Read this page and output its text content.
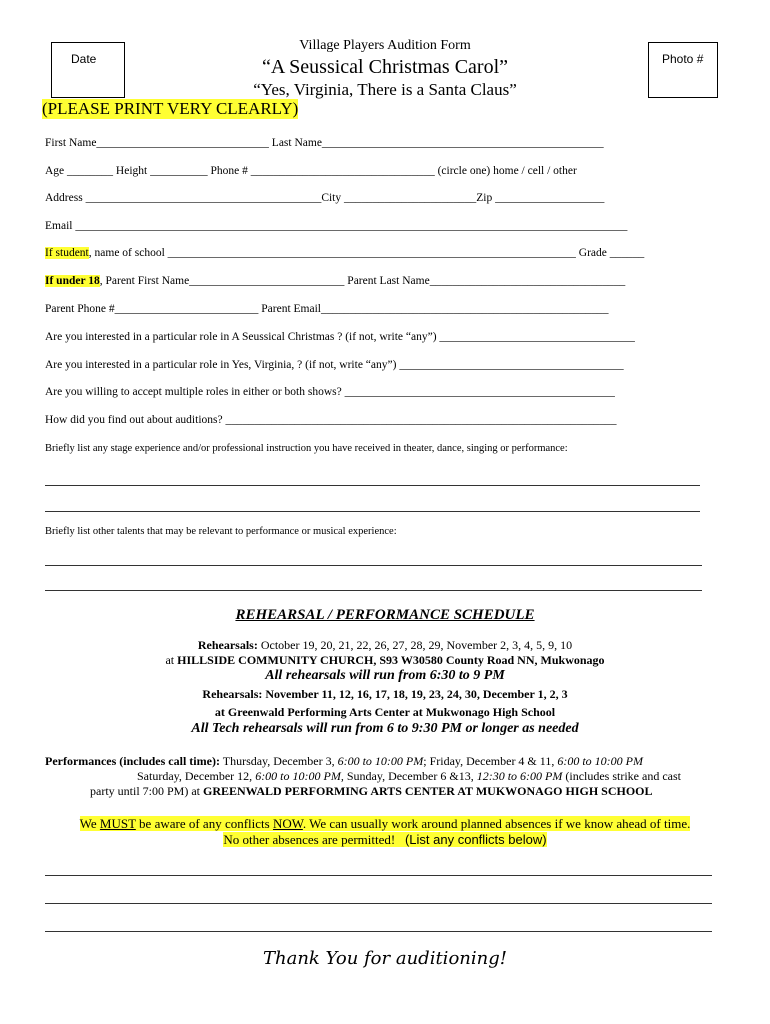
Date	Photo #
Village Players Audition Form
“A Seussical Christmas Carol”
“Yes, Virginia, There is a Santa Claus”
(PLEASE PRINT VERY CLEARLY)
First Name______________________________ Last Name_________________________________________________
Age ________ Height __________ Phone # ________________________________ (circle one) home / cell / other
Address _________________________________________City _______________________Zip ___________________
Email ________________________________________________________________________________________________
If student, name of school _______________________________________________________________________ Grade ______
If under 18, Parent First Name___________________________ Parent Last Name__________________________________
Parent Phone #_________________________ Parent Email__________________________________________________
Are you interested in a particular role in A Seussical Christmas ? (if not, write “any”) __________________________________
Are you interested in a particular role in Yes, Virginia, ? (if not, write “any”) _______________________________________
Are you willing to accept multiple roles in either or both shows? _______________________________________________
How did you find out about auditions? ____________________________________________________________________
Briefly list any stage experience and/or professional instruction you have received in theater, dance, singing or performance:
Briefly list other talents that may be relevant to performance or musical experience:
REHEARSAL / PERFORMANCE SCHEDULE
Rehearsals: October 19, 20, 21, 22, 26, 27, 28, 29, November 2, 3, 4, 5, 9, 10
at HILLSIDE COMMUNITY CHURCH, S93 W30580 County Road NN, Mukwonago
All rehearsals will run from 6:30 to 9 PM
Rehearsals: November 11, 12, 16, 17, 18, 19, 23, 24, 30, December 1, 2, 3
at Greenwald Performing Arts Center at Mukwonago High School
All Tech rehearsals will run from 6 to 9:30 PM or longer as needed
Performances (includes call time): Thursday, December 3, 6:00 to 10:00 PM; Friday, December 4 & 11, 6:00 to 10:00 PM
Saturday, December 12, 6:00 to 10:00 PM, Sunday, December 6 &13, 12:30 to 6:00 PM (includes strike and cast
party until 7:00 PM) at GREENWALD PERFORMING ARTS CENTER AT MUKWONAGO HIGH SCHOOL
We MUST be aware of any conflicts NOW. We can usually work around planned absences if we know ahead of time.
No other absences are permitted! (List any conflicts below)
Thank You for auditioning!
